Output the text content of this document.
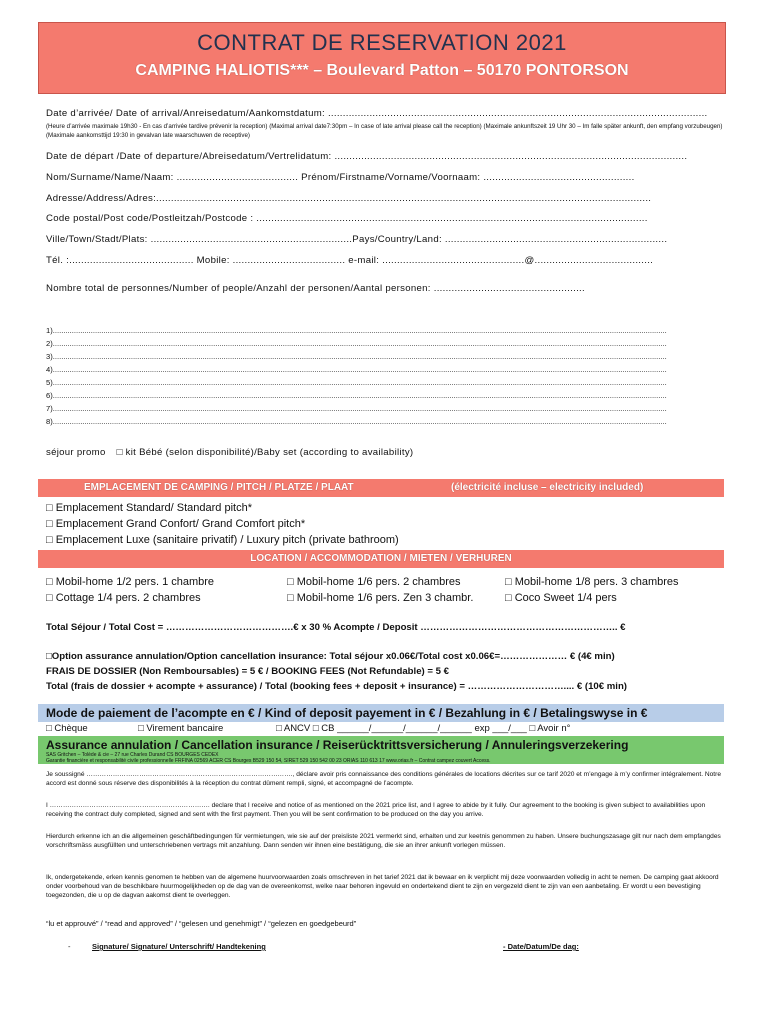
CONTRAT DE RESERVATION 2021
CAMPING HALIOTIS*** – Boulevard Patton – 50170 PONTORSON
Date d’arrivée/ Date of arrival/Anreisedatum/Aankomstdatum: ................................................................................................................................
(Heure d’arrivée maximale 19h30 - En cas d’arrivée tardive prévenir la reception) (Maximal arrival date7:30pm – In case of late arrival please call the reception) (Maximale ankunftszeit 19 Uhr 30 – Im falle später ankunft, den empfang vorzubeugen) (Maximale aankomsttijd 19:30 in gevalvan late waarschuwen de receptive)
Date de départ /Date of departure/Abreisedatum/Vertrelidatum: .......................................................................................................................
Nom/Surname/Name/Naam: ......................................... Prénom/Firstname/Vorname/Voornaam: ...................................................
Adresse/Address/Adres:.......................................................................................................................................................................
Code postal/Post code/Postleitzah/Postcode : ....................................................................................................................................
Ville/Town/Stadt/Plats: ....................................................................Pays/Country/Land: ...........................................................................
Tél. :.......................................... Mobile: ...................................... e-mail: ................................................@........................................
Nombre total de personnes/Number of people/Anzahl der personen/Aantal personen: ...................................................
1)...................................................................................................................................................................................................................................................................................................
2)...................................................................................................................................................................................................................................................................................................
3)...................................................................................................................................................................................................................................................................................................
4)...................................................................................................................................................................................................................................................................................................
5)...................................................................................................................................................................................................................................................................................................
6)...................................................................................................................................................................................................................................................................................................
7)...................................................................................................................................................................................................................................................................................................
8)...................................................................................................................................................................................................................................................................................................
séjour promo □ kit Bébé (selon disponibilité)/Baby set (according to availability)
EMPLACEMENT DE CAMPING / PITCH / PLATZE / PLAAT	(électricité incluse – electricity included)
□ Emplacement Standard/ Standard pitch*
□ Emplacement Grand Confort/ Grand Comfort pitch*
□ Emplacement Luxe (sanitaire privatif) / Luxury pitch (private bathroom)
LOCATION / ACCOMMODATION / MIETEN / VERHUREN
□ Mobil-home 1/2 pers. 1 chambre	□ Mobil-home 1/6 pers. 2 chambres	□ Mobil-home 1/8 pers. 3 chambres
□ Cottage 1/4 pers. 2 chambres	□ Mobil-home 1/6 pers. Zen 3 chambr.	□ Coco Sweet 1/4 pers
Total Séjour / Total Cost = ………………………………….€ x 30 % Acompte / Deposit …………………………………………………….. €
□Option assurance annulation/Option cancellation insurance: Total séjour x0.06€/Total cost x0.06€=………………… € (4€ min)
FRAIS DE DOSSIER (Non Remboursables) = 5 € / BOOKING FEES (Not Refundable) = 5 €
Total (frais de dossier + acompte + assurance) / Total (booking fees + deposit + insurance) = ………………………….... € (10€ min)
Mode de paiement de l’acompte en € / Kind of deposit payement in € / Bezahlung in € / Betalingswyse in €
□ Chèque	□ Virement bancaire	□ ANCV □ CB ______/______/______/______ exp ___/___ □ Avoir n°
Assurance annulation / Cancellation insurance / Reiserücktrittsversicherung / Annuleringsverzekering
SAS Gritchen – Tolède & cie – 27 rue Charles Durand CS BOURGES CEDEX
Garantie financière et responsabilité civile professionnelle FRFINA 02569 ACER CS Bourges B529 150 54, SIRET 529 150 542 00 23 ORIAS 110 613 17 www.orias.fr – Contrat campez couvert Access.
Je soussigné …………………………………………………………………………………., déclare avoir pris connaissance des conditions générales de locations décrites sur ce tarif 2020 et m’engage à m’y confirmer intégralement. Notre accord est donné sous réserve des disponibilités à la réception du contrat dûment rempli, signé, et accompagné de l’acompte.
I ………………………………………………………………. declare that I receive and notice of as mentioned on the 2021 price list, and I agree to abide by it fully. Our agreement to the booking is given subject to availabilities upon receiving the contract duly completed, signed and sent with the first payment. Then you will be sent confirmation to be produced on the day you arrive.
Hierdurch erkenne ich an die allgemeinen geschäftbedingungen für vermietungen, wie sie auf der preisliste 2021 vermerkt sind, erhalten und zur keetnis genommen zu haben. Unsere buchungszasage gilt nur nach dem empfangdes vorschriftsmäss ausgfüllten und unterschriebenen vertrags mit anzahlung. Dann senden wir ihnen eine bestätigung, die sie an ihrer ankunft vorlegen müssen.
Ik, ondergetekende, erken kennis genomen te hebben van de algemene huurvoorwaarden zoals omschreven in het tarief 2021 dat ik bewaar en ik verplicht mij deze voorwaarden volledig in acht te nemen. De camping gaat akkoord onder voorbehoud van de beschikbare huurmogelijkheden op de dag van de overeenkomst, welke naar behoren ingevuld en ondertekend dient te zijn en vergezeld dient te zijn van een aanbetaling. Er wordt u een bevestiging toegezonden, die u op de dagvan aakomst dient te overleggen.
“lu et approuvé” / “read and approved” / “gelesen und genehmigt” / “gelezen en goedgebeurd”
-	Signature/ Signature/ Unterschrift/ Handtekening	- Date/Datum/De dag:
